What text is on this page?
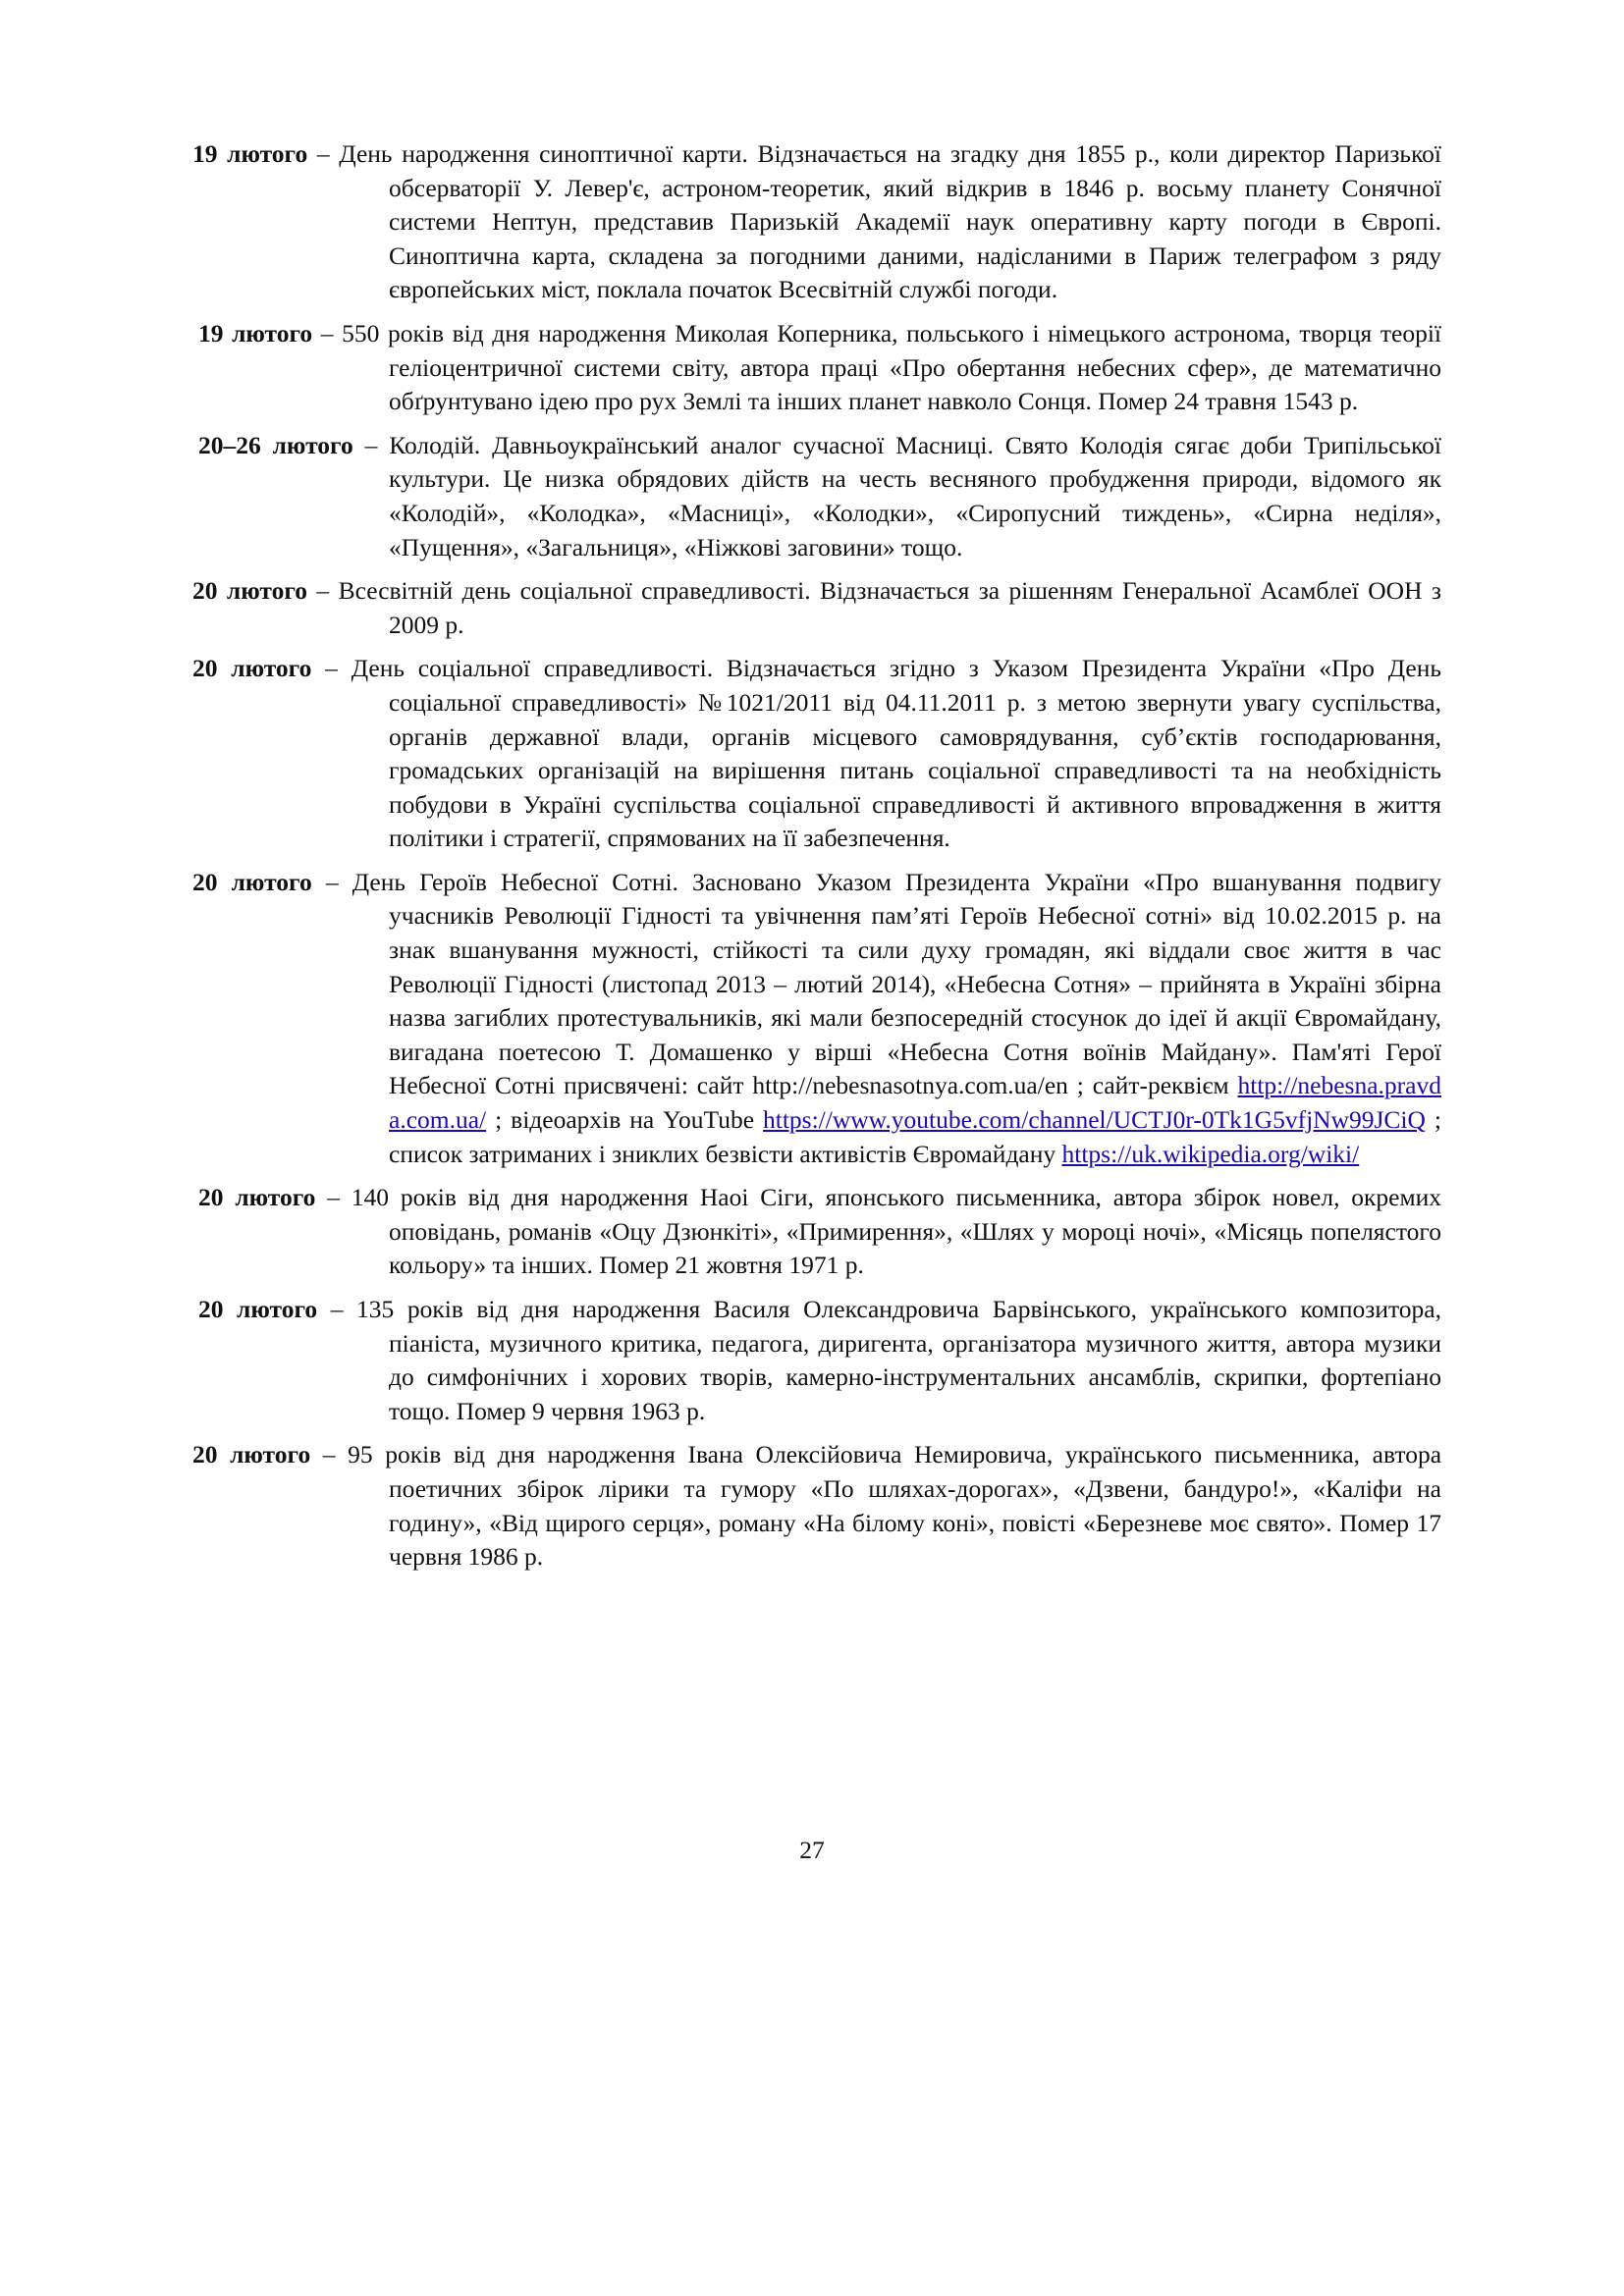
19 лютого – День народження синоптичної карти. Відзначається на згадку дня 1855 р., коли директор Паризької обсерваторії У. Левер'є, астроном-теоретик, який відкрив в 1846 р. восьму планету Сонячної системи Нептун, представив Паризькій Академії наук оперативну карту погоди в Європі. Синоптична карта, складена за погодними даними, надісланими в Париж телеграфом з ряду європейських міст, поклала початок Всесвітній службі погоди.

19 лютого – 550 років від дня народження Миколая Коперника, польського і німецького астронома, творця теорії геліоцентричної системи світу, автора праці «Про обертання небесних сфер», де математично обґрунтувано ідею про рух Землі та інших планет навколо Сонця. Помер 24 травня 1543 р.

20–26 лютого – Колодій. Давньоукраїнський аналог сучасної Масниці. Свято Колодія сягає доби Трипільської культури. Це низка обрядових дійств на честь весняного пробудження природи, відомого як «Колодій», «Колодка», «Масниці», «Колодки», «Сиропусний тиждень», «Сирна неділя», «Пущення», «Загальниця», «Ніжкові заговини» тощо.

20 лютого – Всесвітній день соціальної справедливості. Відзначається за рішенням Генеральної Асамблеї ООН з 2009 р.

20 лютого – День соціальної справедливості. Відзначається згідно з Указом Президента України «Про День соціальної справедливості» №1021/2011 від 04.11.2011 р. з метою звернути увагу суспільства, органів державної влади, органів місцевого самоврядування, суб’єктів господарювання, громадських організацій на вирішення питань соціальної справедливості та на необхідність побудови в Україні суспільства соціальної справедливості й активного впровадження в життя політики і стратегії, спрямованих на її забезпечення.

20 лютого – День Героїв Небесної Сотні. Засновано Указом Президента України «Про вшанування подвигу учасників Революції Гідності та увічнення пам’яті Героїв Небесної сотні» від 10.02.2015 р. на знак вшанування мужності, стійкості та сили духу громадян, які віддали своє життя в час Революції Гідності (листопад 2013 – лютий 2014), «Небесна Сотня» – прийнята в Україні збірна назва загиблих протестувальників, які мали безпосередній стосунок до ідеї й акції Євромайдану, вигадана поетесою Т. Домашенко у вірші «Небесна Сотня воїнів Майдану». Пам'яті Герої Небесної Сотні присвячені: сайт http://nebesnasotnya.com.ua/en ; сайт-реквієм http://nebesna.pravda.com.ua/ ; відеоархів на YouTube https://www.youtube.com/channel/UCTJ0r-0Tk1G5vfjNw99JCiQ ; список затриманих і зниклих безвісти активістів Євромайдану https://uk.wikipedia.org/wiki/

20 лютого – 140 років від дня народження Наоі Сіги, японського письменника, автора збірок новел, окремих оповідань, романів «Оцу Дзюнкіті», «Примирення», «Шлях у мороці ночі», «Місяць попелястого кольору» та інших. Помер 21 жовтня 1971 р.

20 лютого – 135 років від дня народження Василя Олександровича Барвінського, українського композитора, піаніста, музичного критика, педагога, диригента, організатора музичного життя, автора музики до симфонічних і хорових творів, камерно-інструментальних ансамблів, скрипки, фортепіано тощо. Помер 9 червня 1963 р.

20 лютого – 95 років від дня народження Івана Олексійовича Немировича, українського письменника, автора поетичних збірок лірики та гумору «По шляхах-дорогах», «Дзвени, бандуро!», «Каліфи на годину», «Від щирого серця», роману «На білому коні», повісті «Березневе моє свято». Помер 17 червня 1986 р.

27
